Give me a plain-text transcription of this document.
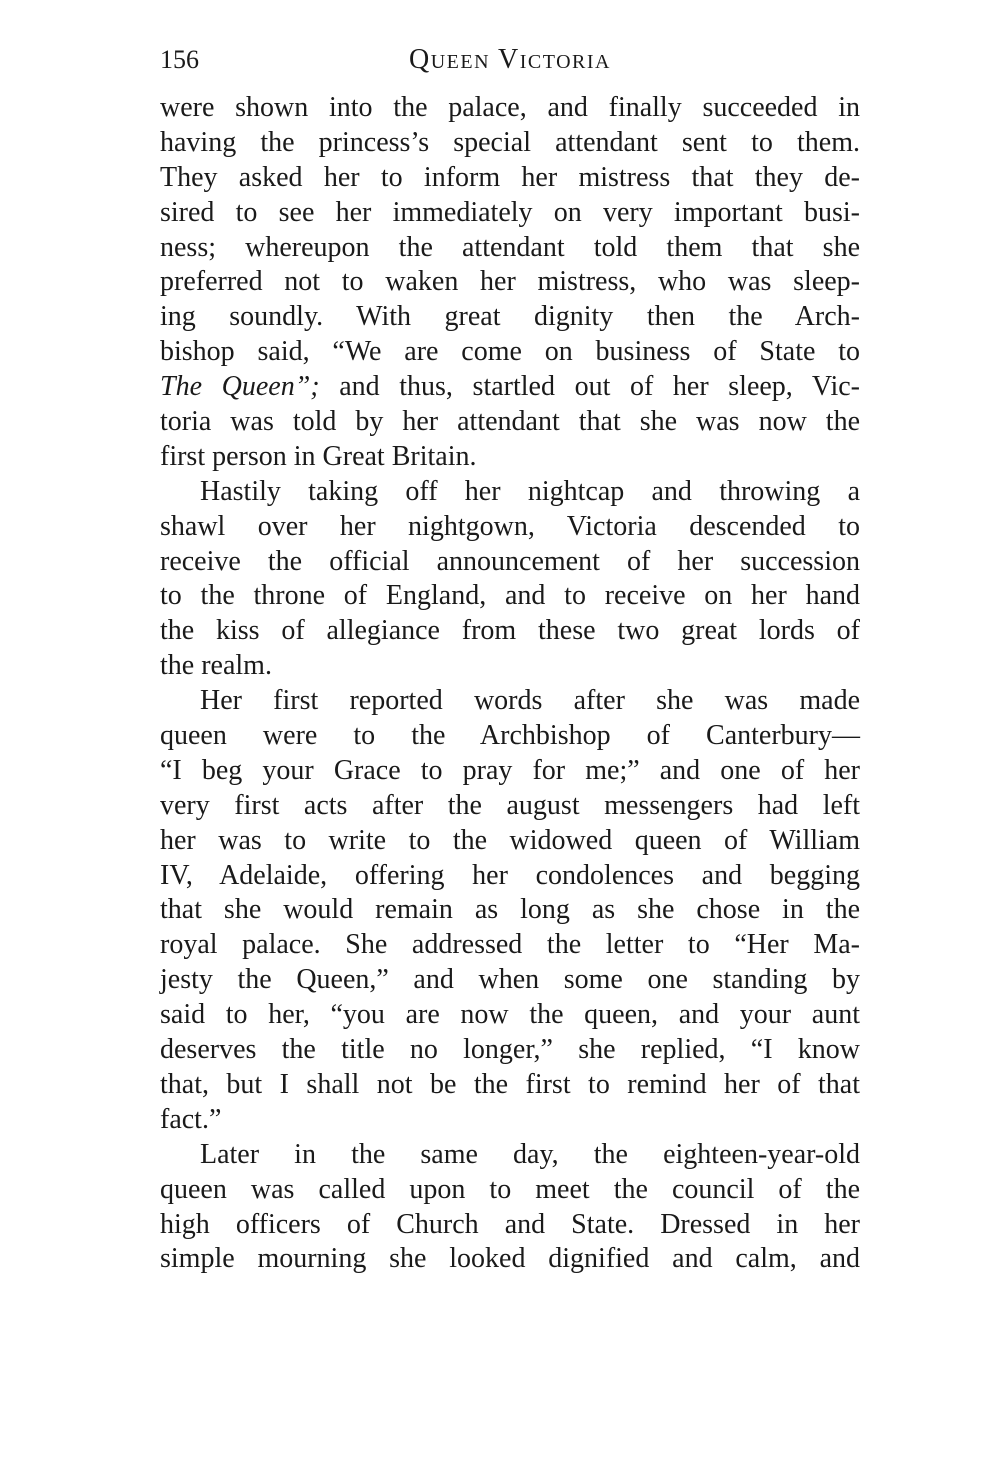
156	Queen Victoria
were shown into the palace, and finally succeeded in
having the princess’s special attendant sent to them.
They asked her to inform her mistress that they de-
sired to see her immediately on very important busi-
ness; whereupon the attendant told them that she
preferred not to waken her mistress, who was sleep-
ing soundly. With great dignity then the Arch-
bishop said, “We are come on business of State to
The Queen”; and thus, startled out of her sleep, Vic-
toria was told by her attendant that she was now the
first person in Great Britain.
Hastily taking off her nightcap and throwing a
shawl over her nightgown, Victoria descended to
receive the official announcement of her succession
to the throne of England, and to receive on her hand
the kiss of allegiance from these two great lords of
the realm.
Her first reported words after she was made
queen were to the Archbishop of Canterbury—
“I beg your Grace to pray for me;” and one of her
very first acts after the august messengers had left
her was to write to the widowed queen of William
IV, Adelaide, offering her condolences and begging
that she would remain as long as she chose in the
royal palace. She addressed the letter to “Her Ma-
jesty the Queen,” and when some one standing by
said to her, “you are now the queen, and your aunt
deserves the title no longer,” she replied, “I know
that, but I shall not be the first to remind her of that
fact.”
Later in the same day, the eighteen-year-old
queen was called upon to meet the council of the
high officers of Church and State. Dressed in her
simple mourning she looked dignified and calm, and
